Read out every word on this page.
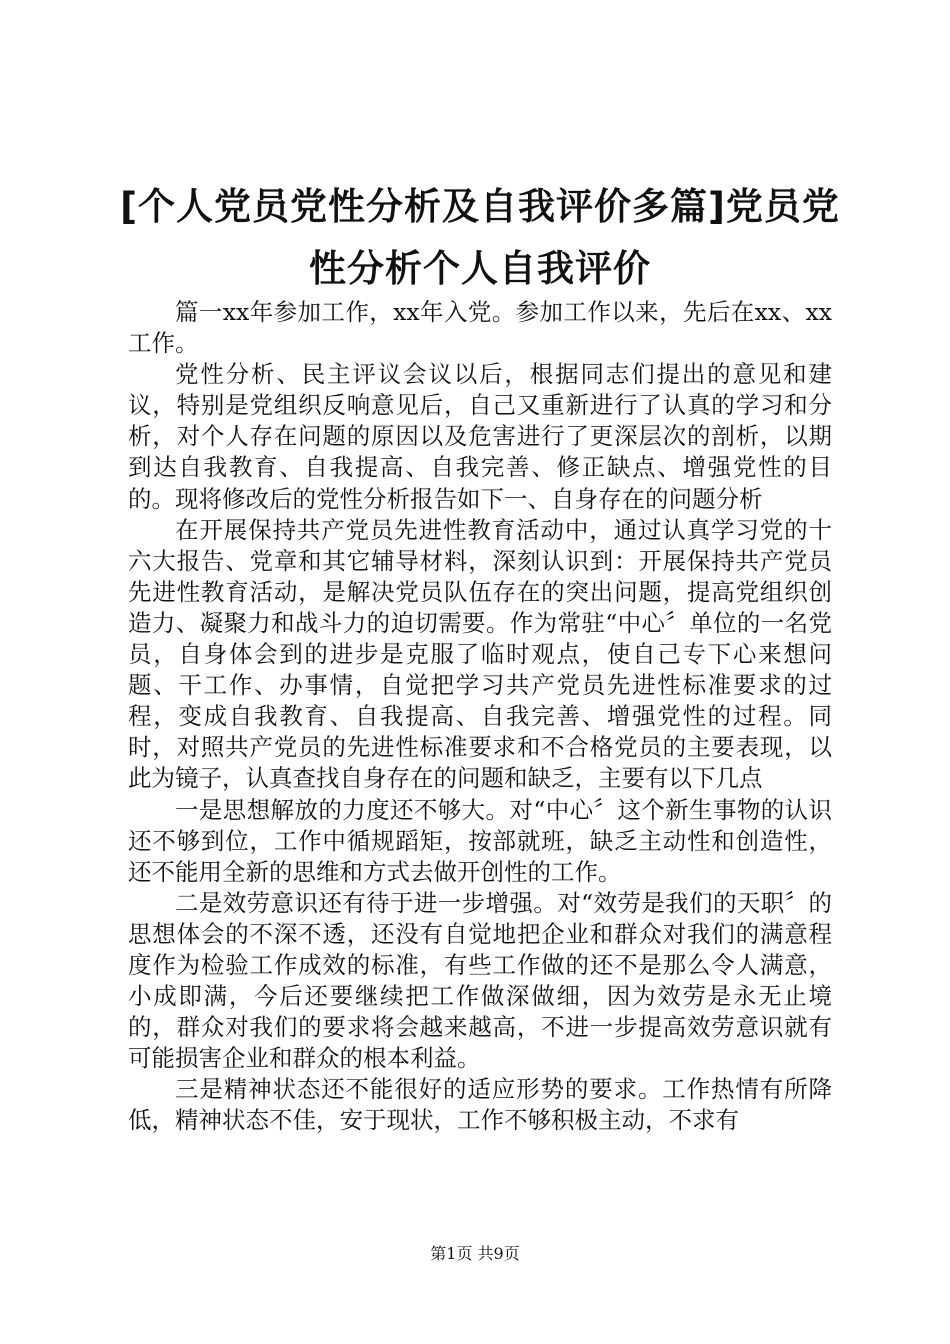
[个人党员党性分析及自我评价多篇]党员党性分析个人自我评价

篇一xx年参加工作，xx年入党。参加工作以来，先后在xx、xx工作。

党性分析、民主评议会议以后，根据同志们提出的意见和建议，特别是党组织反响意见后，自己又重新进行了认真的学习和分析，对个人存在问题的原因以及危害进行了更深层次的剖析，以期到达自我教育、自我提高、自我完善、修正缺点、增强党性的目的。现将修改后的党性分析报告如下一、自身存在的问题分析

在开展保持共产党员先进性教育活动中，通过认真学习党的十六大报告、党章和其它辅导材料，深刻认识到：开展保持共产党员先进性教育活动，是解决党员队伍存在的突出问题，提高党组织创造力、凝聚力和战斗力的迫切需要。作为常驻“中心〞单位的一名党员，自身体会到的进步是克服了临时观点，使自己专下心来想问题、干工作、办事情，自觉把学习共产党员先进性标准要求的过程，变成自我教育、自我提高、自我完善、增强党性的过程。同时，对照共产党员的先进性标准要求和不合格党员的主要表现，以此为镜子，认真查找自身存在的问题和缺乏，主要有以下几点

一是思想解放的力度还不够大。对“中心〞这个新生事物的认识还不够到位，工作中循规蹈矩，按部就班，缺乏主动性和创造性，还不能用全新的思维和方式去做开创性的工作。

二是效劳意识还有待于进一步增强。对“效劳是我们的天职〞的思想体会的不深不透，还没有自觉地把企业和群众对我们的满意程度作为检验工作成效的标准，有些工作做的还不是那么令人满意，小成即满，今后还要继续把工作做深做细，因为效劳是永无止境的，群众对我们的要求将会越来越高，不进一步提高效劳意识就有可能损害企业和群众的根本利益。

三是精神状态还不能很好的适应形势的要求。工作热情有所降低，精神状态不佳，安于现状，工作不够积极主动，不求有

第1页 共9页
